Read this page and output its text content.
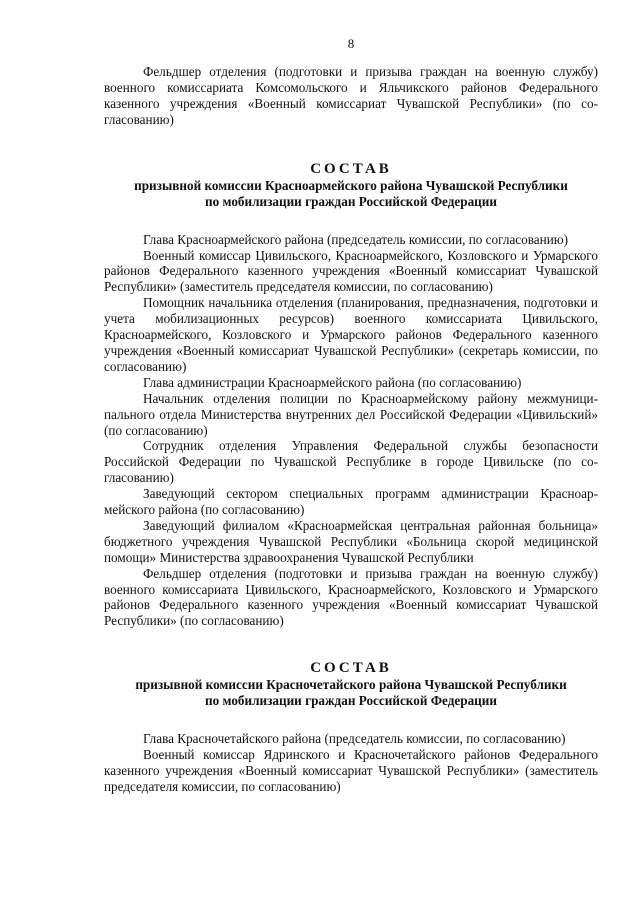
8

Фельдшер отделения (подготовки и призыва граждан на военную службу) военного комиссариата Комсомольского и Яльчикского районов Федерального казенного учреждения «Военный комиссариат Чувашской Республики» (по согласованию)

СОСТАВ
призывной комиссии Красноармейского района Чувашской Республики
по мобилизации граждан Российской Федерации

Глава Красноармейского района (председатель комиссии, по согласованию)

Военный комиссар Цивильского, Красноармейского, Козловского и Урмарского районов Федерального казенного учреждения «Военный комиссариат Чувашской Республики» (заместитель председателя комиссии, по согласованию)

Помощник начальника отделения (планирования, предназначения, подготовки и учета мобилизационных ресурсов) военного комиссариата Цивильского, Красноармейского, Козловского и Урмарского районов Федерального казенного учреждения «Военный комиссариат Чувашской Республики» (секретарь комиссии, по согласованию)

Глава администрации Красноармейского района (по согласованию)

Начальник отделения полиции по Красноармейскому району межмуниципального отдела Министерства внутренних дел Российской Федерации «Цивильский» (по согласованию)

Сотрудник отделения Управления Федеральной службы безопасности Российской Федерации по Чувашской Республике в городе Цивильске (по согласованию)

Заведующий сектором специальных программ администрации Красноармейского района (по согласованию)

Заведующий филиалом «Красноармейская центральная районная больница» бюджетного учреждения Чувашской Республики «Больница скорой медицинской помощи» Министерства здравоохранения Чувашской Республики

Фельдшер отделения (подготовки и призыва граждан на военную службу) военного комиссариата Цивильского, Красноармейского, Козловского и Урмарского районов Федерального казенного учреждения «Военный комиссариат Чувашской Республики» (по согласованию)

СОСТАВ
призывной комиссии Красночетайского района Чувашской Республики
по мобилизации граждан Российской Федерации

Глава Красночетайского района (председатель комиссии, по согласованию)

Военный комиссар Ядринского и Красночетайского районов Федерального казенного учреждения «Военный комиссариат Чувашской Республики» (заместитель председателя комиссии, по согласованию)
